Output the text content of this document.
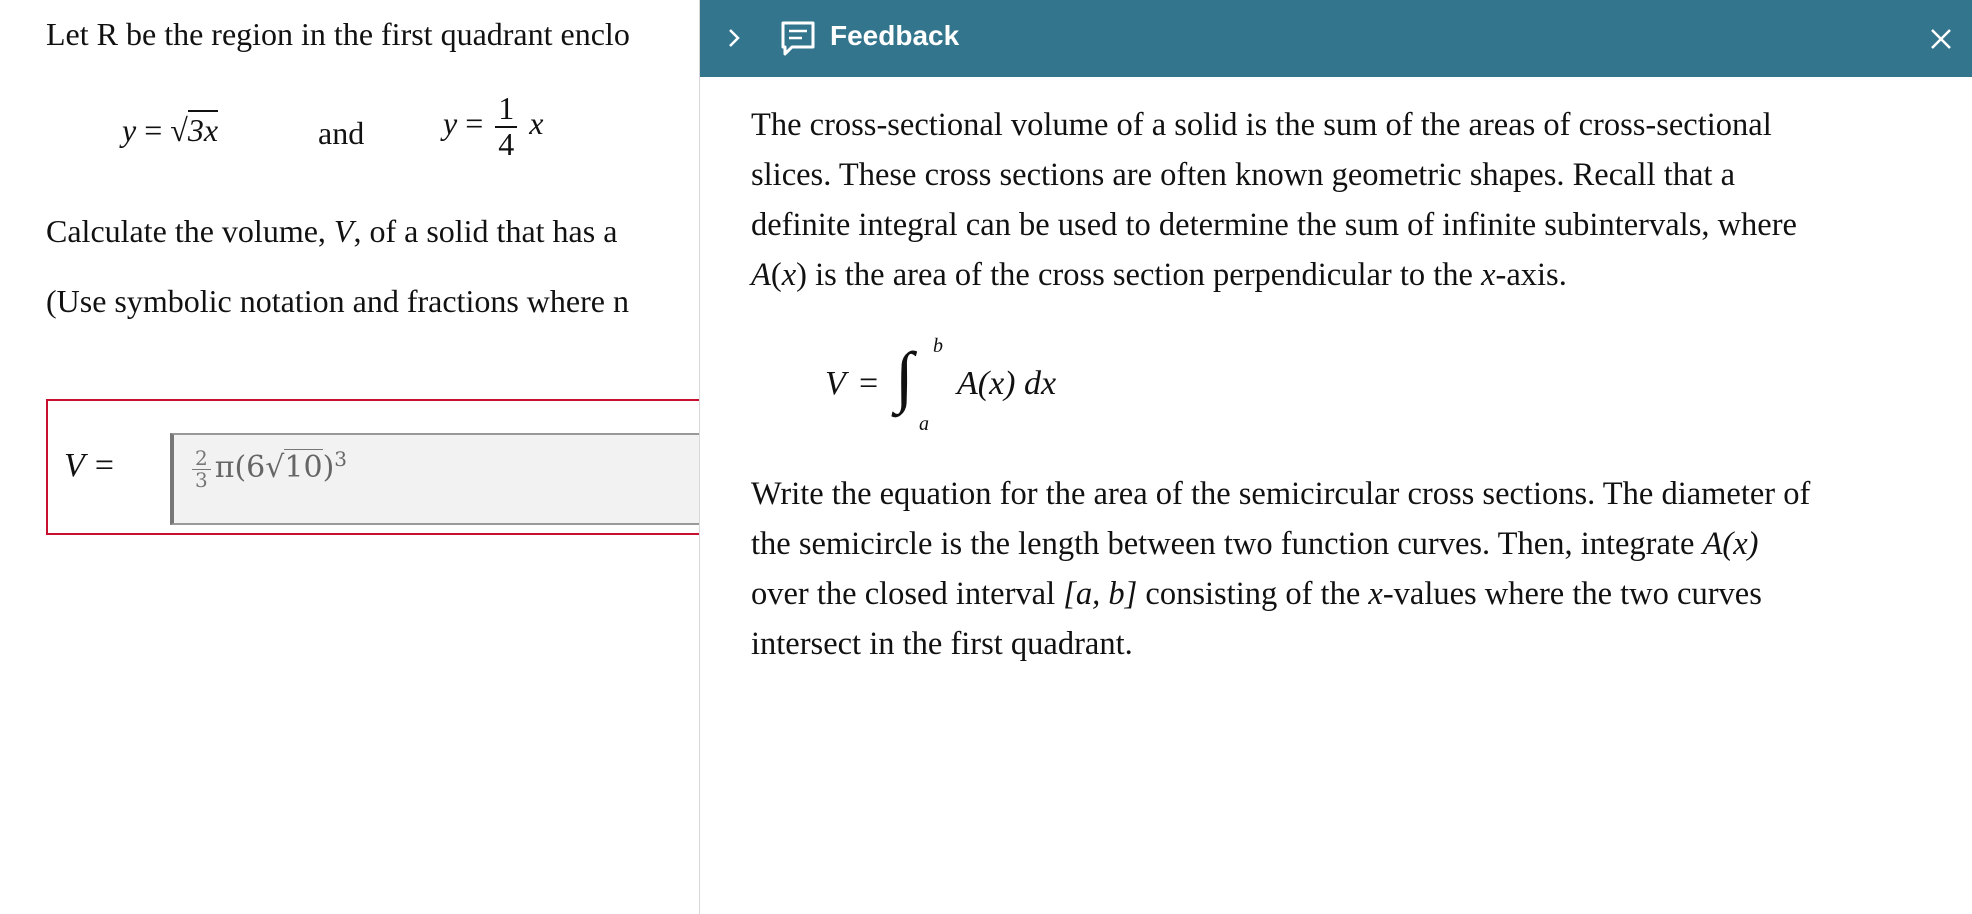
Let R be the region in the first quadrant enclo
y = √3x	and $y = \frac{1}{4}$ x
Calculate the volume, V, of a solid that has a
(Use symbolic notation and fractions where n
V =	$\frac{2}{3} \pi(6√10)^3$
Feedback
The cross-sectional volume of a solid is the sum of the areas of cross-sectional
slices. These cross sections are often known geometric shapes. Recall that a
definite integral can be used to determine the sum of infinite subintervals, where
A(x) is the area of the cross section perpendicular to the x-axis.
V = ∫ b
a
A(x) dx
Write the equation for the area of the semicircular cross sections. The diameter of
the semicircle is the length between two function curves. Then, integrate A(x)
over the closed interval [a, b] consisting of the x-values where the two curves
intersect in the first quadrant.
